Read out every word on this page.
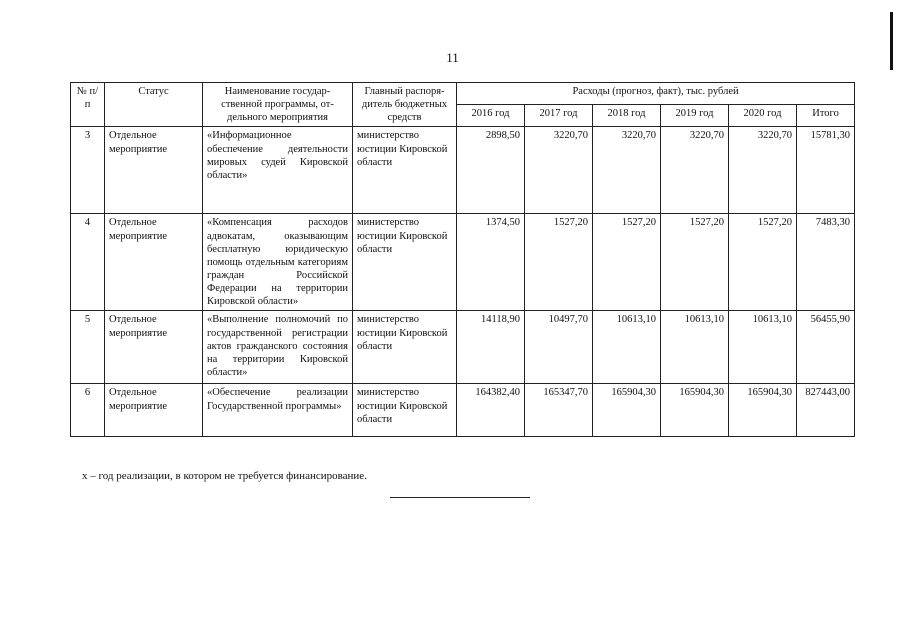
11
№ п/п	Статус	Наименование государ-ственной программы, от-дельного мероприятия	Главный распоря-дитель бюджетных средств	Расходы (прогноз, факт), тыс. рублей					
				2016 год	2017 год	2018 год	2019 год	2020 год	Итого
3	Отдельное мероприятие	«Информационное обеспечение деятельности мировых судей Кировской области»	министерство юстиции Кировской области	2898,50	3220,70	3220,70	3220,70	3220,70	15781,30
4	Отдельное мероприятие	«Компенсация расходов адвокатам, оказывающим бесплатную юридическую помощь отдельным категориям граждан Российской Федерации на территории Кировской области»	министерство юстиции Кировской области	1374,50	1527,20	1527,20	1527,20	1527,20	7483,30
5	Отдельное мероприятие	«Выполнение полномочий по государственной регистрации актов гражданского состояния на территории Кировской области»	министерство юстиции Кировской области	14118,90	10497,70	10613,10	10613,10	10613,10	56455,90
6	Отдельное мероприятие	«Обеспечение реализации Государственной программы»	министерство юстиции Кировской области	164382,40	165347,70	165904,30	165904,30	165904,30	827443,00
х – год реализации, в котором не требуется финансирование.
